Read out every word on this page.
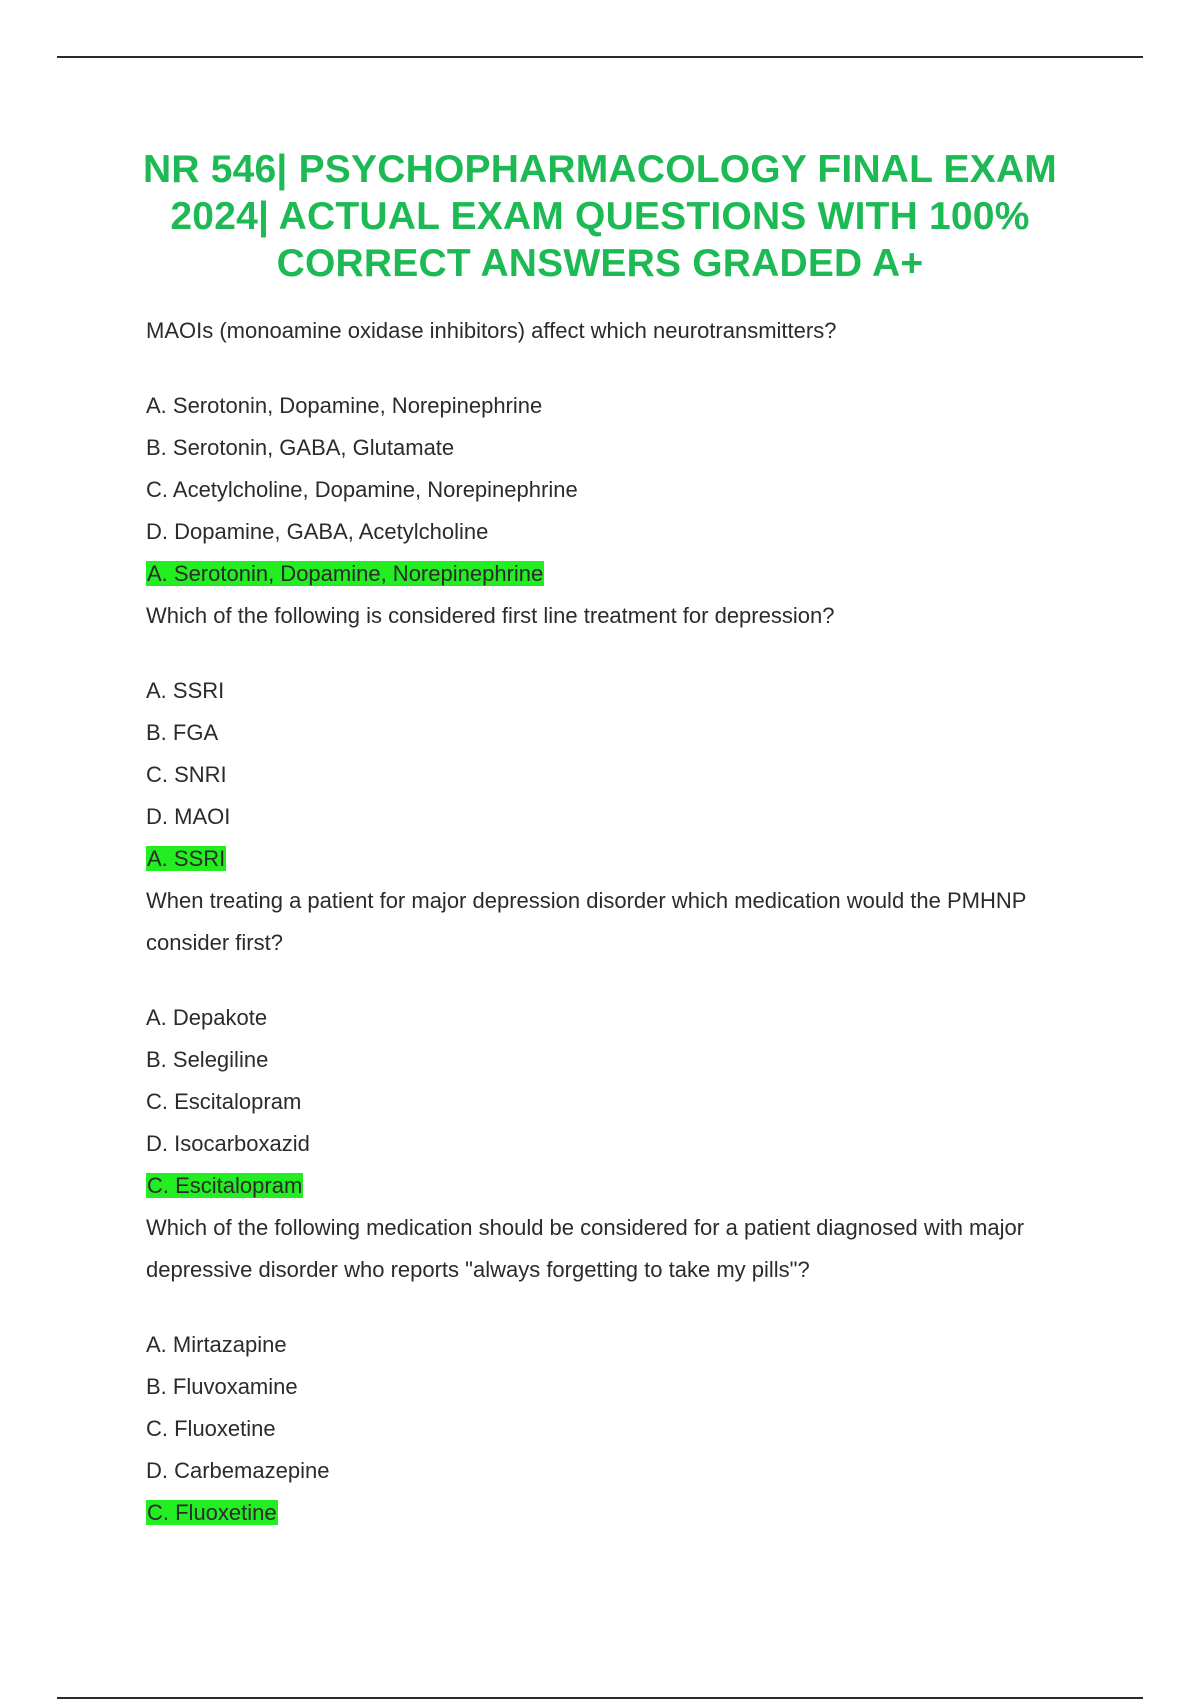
NR 546| PSYCHOPHARMACOLOGY FINAL EXAM 2024| ACTUAL EXAM QUESTIONS WITH 100% CORRECT ANSWERS GRADED A+

MAOIs (monoamine oxidase inhibitors) affect which neurotransmitters?

A. Serotonin, Dopamine, Norepinephrine
B. Serotonin, GABA, Glutamate
C. Acetylcholine, Dopamine, Norepinephrine
D. Dopamine, GABA, Acetylcholine

A. Serotonin, Dopamine, Norepinephrine

Which of the following is considered first line treatment for depression?

A. SSRI
B. FGA
C. SNRI
D. MAOI

A. SSRI

When treating a patient for major depression disorder which medication would the PMHNP consider first?

A. Depakote
B. Selegiline
C. Escitalopram
D. Isocarboxazid

C. Escitalopram

Which of the following medication should be considered for a patient diagnosed with major depressive disorder who reports "always forgetting to take my pills"?

A. Mirtazapine
B. Fluvoxamine
C. Fluoxetine
D. Carbemazepine

C. Fluoxetine
